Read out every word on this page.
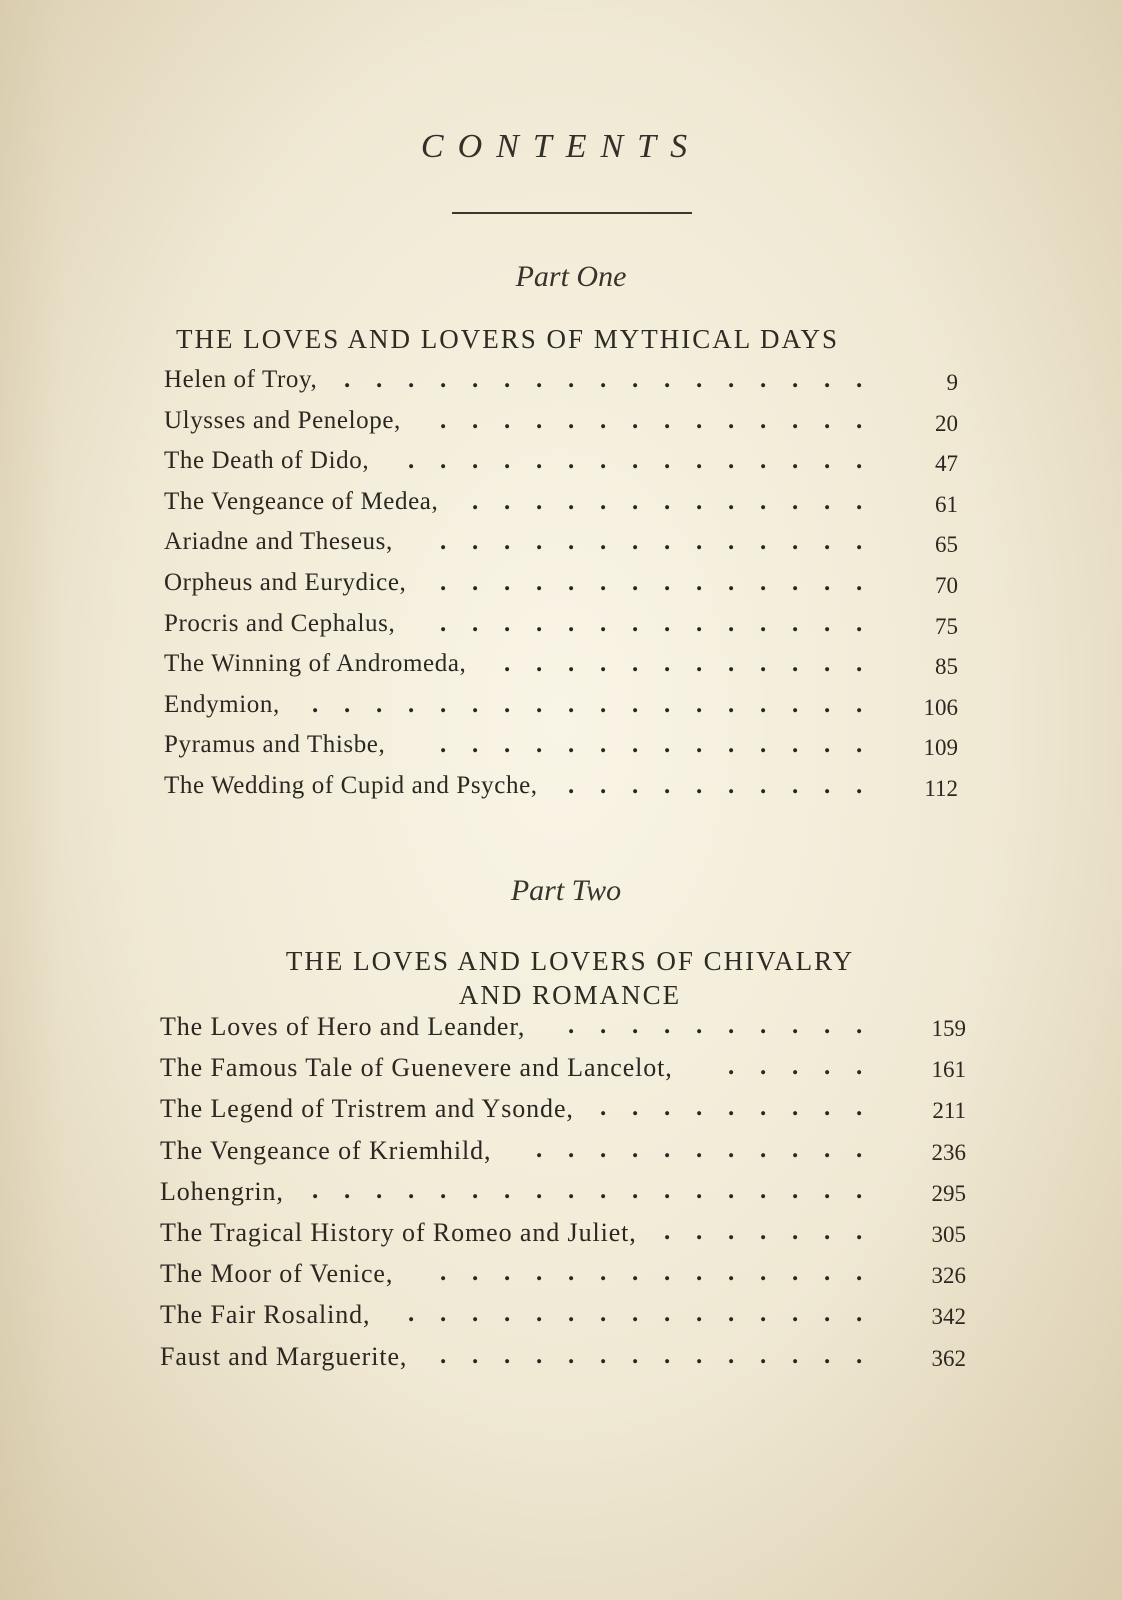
CONTENTS
Part One
THE LOVES AND LOVERS OF MYTHICAL DAYS
Part Two
THE LOVES AND LOVERS OF CHIVALRY
AND ROMANCE
Helen of Troy, . . . . . . . . . . . . . . . . .	9
Ulysses and Penelope, . . . . . . . . . . . . . .	20
The Death of Dido, . . . . . . . . . . . . . . .	47
The Vengeance of Medea, . . . . . . . . . . . . .	61
Ariadne and Theseus, . . . . . . . . . . . . . .	65
Orpheus and Eurydice, . . . . . . . . . . . . . .	70
Procris and Cephalus, . . . . . . . . . . . . . .	75
The Winning of Andromeda, . . . . . . . . . . . .	85
Endymion, . . . . . . . . . . . . . . . . . .	106
Pyramus and Thisbe, . . . . . . . . . . . . . .	109
The Wedding of Cupid and Psyche, . . . . . . . . . .	112
The Loves of Hero and Leander, . . . . . . . . . .	159
The Famous Tale of Guenevere and Lancelot, . . . . .	161
The Legend of Tristrem and Ysonde, . . . . . . . . .	211
The Vengeance of Kriemhild, . . . . . . . . . . .	236
Lohengrin, . . . . . . . . . . . . . . . . . .	295
The Tragical History of Romeo and Juliet, . . . . . . .	305
The Moor of Venice, . . . . . . . . . . . . . .	326
The Fair Rosalind, . . . . . . . . . . . . . . .	342
Faust and Marguerite, . . . . . . . . . . . . . .	362
